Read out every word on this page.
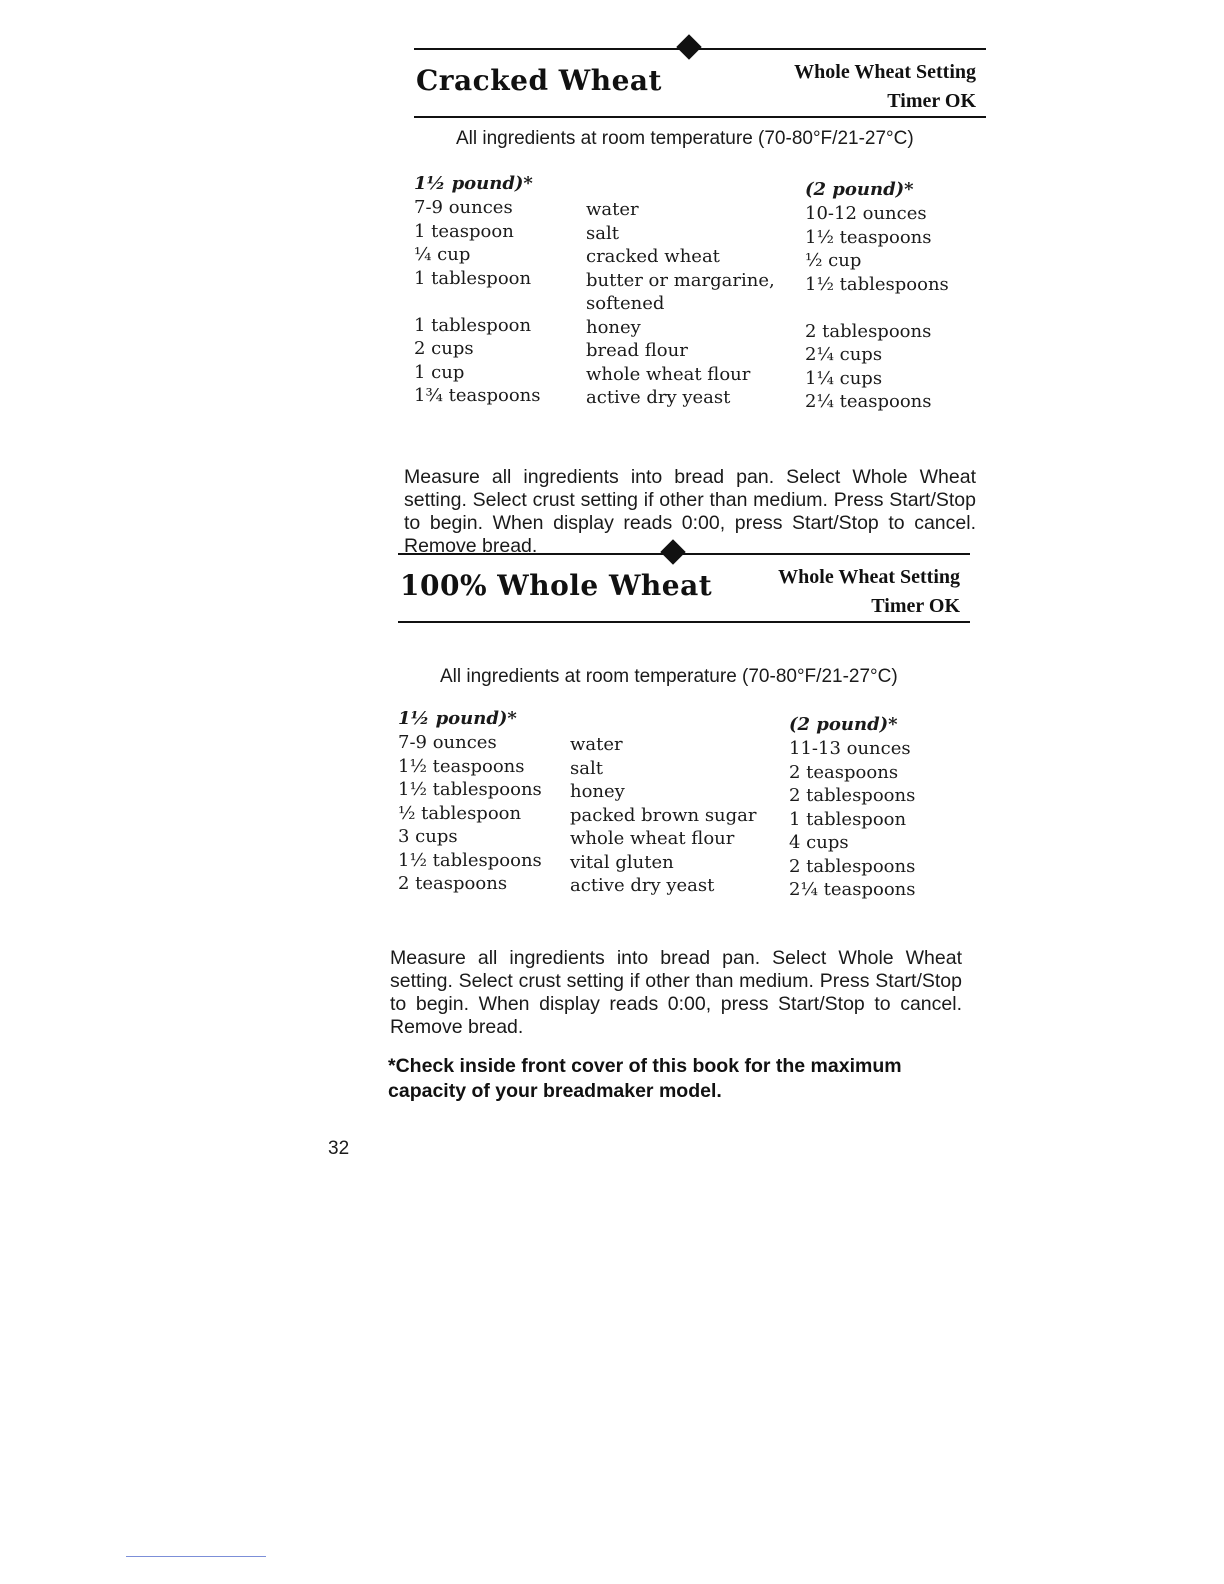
Cracked Wheat	Whole Wheat Setting
Timer OK
All ingredients at room temperature (70-80°F/21-27°C)
1½ pound)*
7-9 ounces
1 teaspoon
¼ cup
1 tablespoon
1 tablespoon
2 cups
1 cup
1¾ teaspoons
water
salt
cracked wheat
butter or margarine,
softened
honey
bread flour
whole wheat flour
active dry yeast
(2 pound)*
10-12 ounces
1½ teaspoons
½ cup
1½ tablespoons
2 tablespoons
2¼ cups
1¼ cups
2¼ teaspoons

Measure all ingredients into bread pan. Select Whole Wheat setting. Select crust setting if other than medium. Press Start/Stop to begin. When display reads 0:00, press Start/Stop to cancel. Remove bread.

100% Whole Wheat	Whole Wheat Setting
Timer OK
All ingredients at room temperature (70-80°F/21-27°C)
1½ pound)*
7-9 ounces
1½ teaspoons
1½ tablespoons
½ tablespoon
3 cups
1½ tablespoons
2 teaspoons
water
salt
honey
packed brown sugar
whole wheat flour
vital gluten
active dry yeast
(2 pound)*
11-13 ounces
2 teaspoons
2 tablespoons
1 tablespoon
4 cups
2 tablespoons
2¼ teaspoons

Measure all ingredients into bread pan. Select Whole Wheat setting. Select crust setting if other than medium. Press Start/Stop to begin. When display reads 0:00, press Start/Stop to cancel. Remove bread.

*Check inside front cover of this book for the maximum capacity of your breadmaker model.

32
